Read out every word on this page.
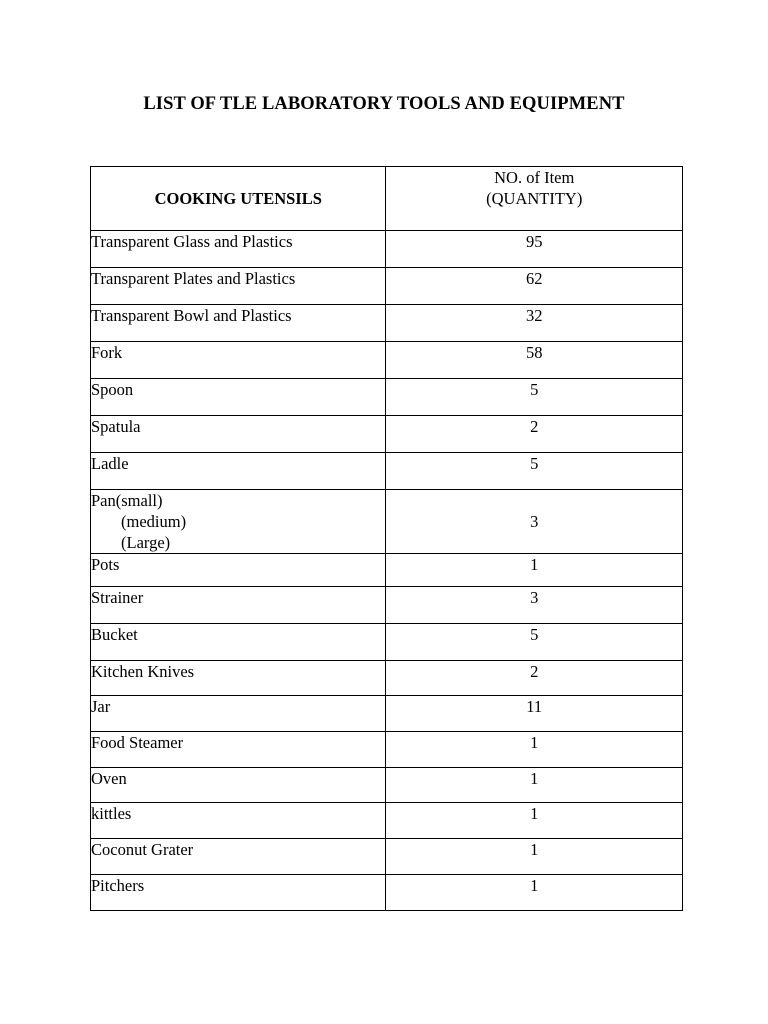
LIST OF TLE LABORATORY TOOLS AND EQUIPMENT
COOKING UTENSILS	NO. of Item
(QUANTITY)

Transparent Glass and Plastics	95
Transparent Plates and Plastics	62
Transparent Bowl and Plastics	32
Fork	58
Spoon	5
Spatula	2
Ladle	5

Pan(small)
(medium)
(Large)	3
Pots	1
Strainer	3
Bucket	5
Kitchen Knives	2
Jar	11
Food Steamer	1
Oven	1
kittles	1
Coconut Grater	1
Pitchers	1
